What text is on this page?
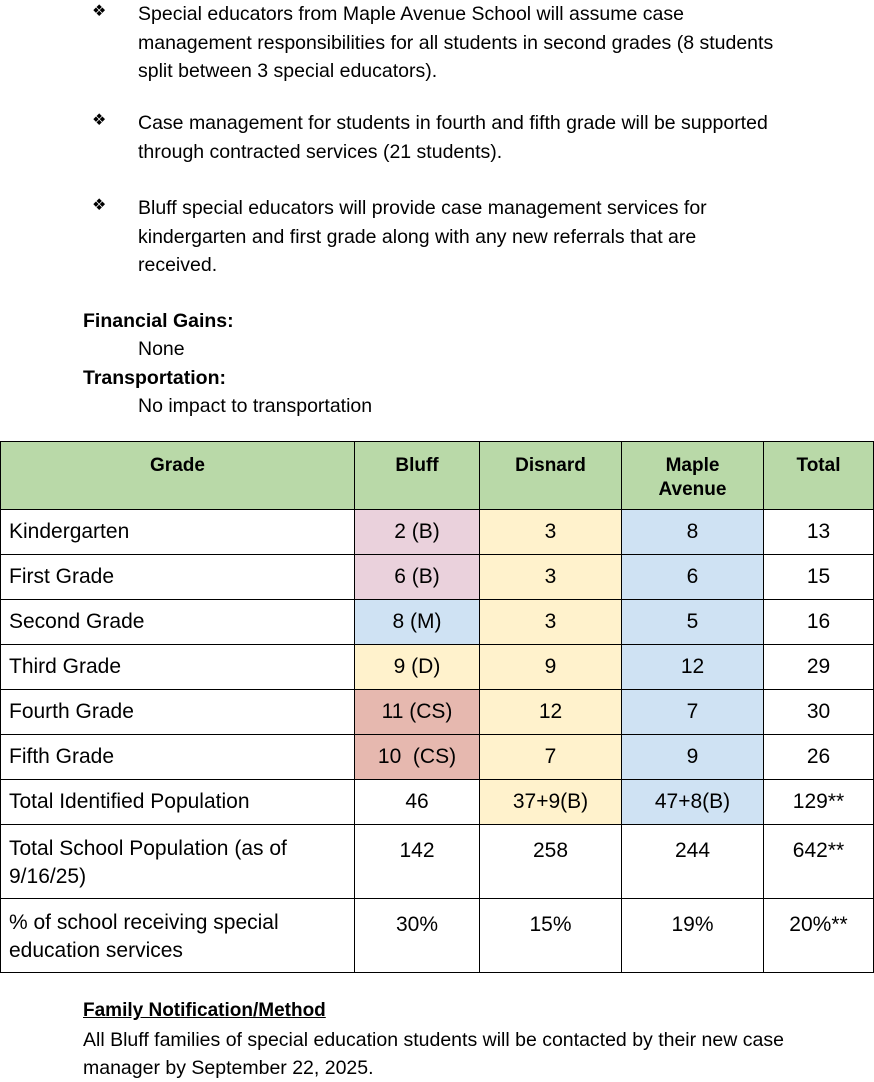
❖ Special educators from Maple Avenue School will assume case management responsibilities for all students in second grades (8 students split between 3 special educators).
❖ Case management for students in fourth and fifth grade will be supported through contracted services (21 students).
❖ Bluff special educators will provide case management services for kindergarten and first grade along with any new referrals that are received.
Financial Gains:
None
Transportation:
No impact to transportation
Grade	Bluff	Disnard	Maple Avenue	Total
Kindergarten	2 (B)	3	8	13
First Grade	6 (B)	3	6	15
Second Grade	8 (M)	3	5	16
Third Grade	9 (D)	9	12	29
Fourth Grade	11 (CS)	12	7	30
Fifth Grade	10  (CS)	7	9	26
Total Identified Population	46	37+9(B)	47+8(B)	129**
Total School Population (as of 9/16/25)	142	258	244	642**
% of school receiving special education services	30%	15%	19%	20%**
Family Notification/Method
All Bluff families of special education students will be contacted by their new case manager by September 22, 2025.
